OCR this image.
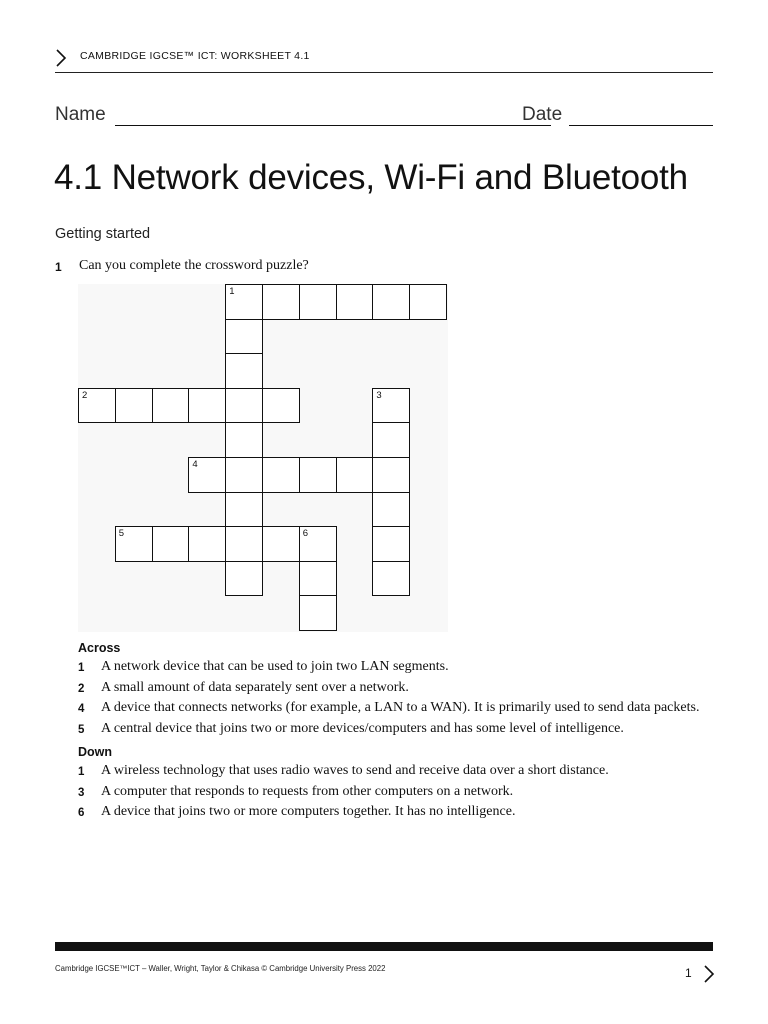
CAMBRIDGE IGCSE™ ICT: WORKSHEET 4.1
Name	Date
4.1 Network devices, Wi-Fi and Bluetooth
Getting started
1 Can you complete the crossword puzzle?
1
2	3
4
5	6
Across
1 A network device that can be used to join two LAN segments.
2 A small amount of data separately sent over a network.
4 A device that connects networks (for example, a LAN to a WAN). It is primarily used to send data packets.
5 A central device that joins two or more devices/computers and has some level of intelligence.
Down
1 A wireless technology that uses radio waves to send and receive data over a short distance.
3 A computer that responds to requests from other computers on a network.
6 A device that joins two or more computers together. It has no intelligence.
Cambridge IGCSE™ICT – Waller, Wright, Taylor & Chikasa © Cambridge University Press 2022	1
